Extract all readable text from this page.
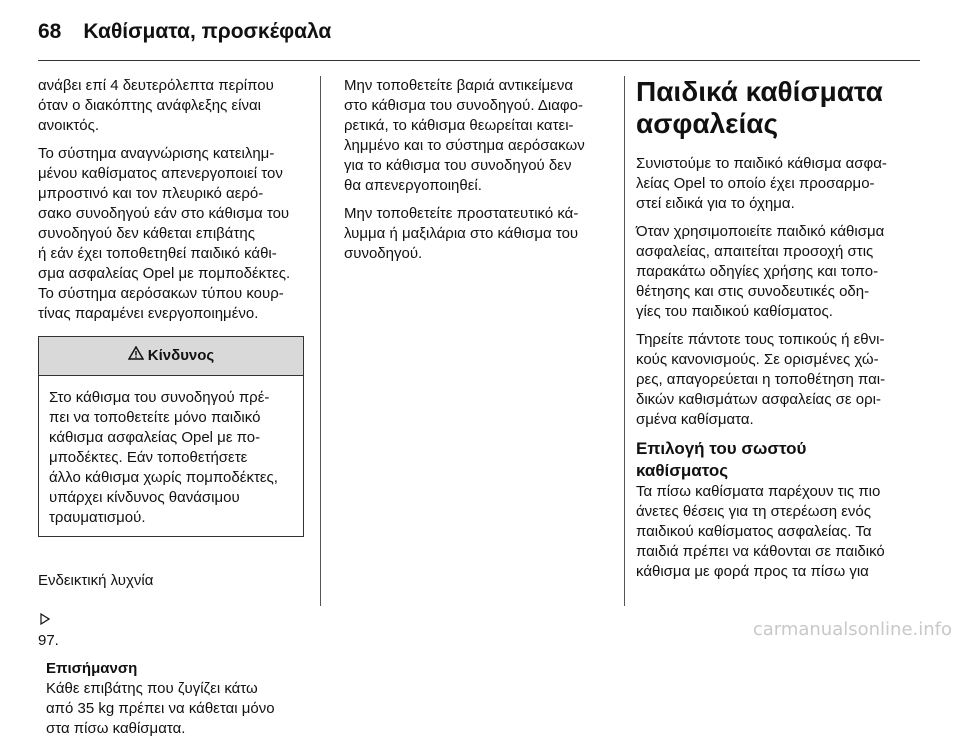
68 Καθίσματα, προσκέφαλα

ανάβει επί 4 δευτερόλεπτα περίπου
όταν ο διακόπτης ανάφλεξης είναι
ανοικτός.

Το σύστημα αναγνώρισης κατειλημ-
μένου καθίσματος απενεργοποιεί τον
μπροστινό και τον πλευρικό αερό-
σακο συνοδηγού εάν στο κάθισμα του
συνοδηγού δεν κάθεται επιβάτης
ή εάν έχει τοποθετηθεί παιδικό κάθι-
σμα ασφαλείας Opel με πομποδέκτες.
Το σύστημα αερόσακων τύπου κουρ-
τίνας παραμένει ενεργοποιημένο.

Κίνδυνος
Στο κάθισμα του συνοδηγού πρέ-
πει να τοποθετείτε μόνο παιδικό
κάθισμα ασφαλείας Opel με πο-
μποδέκτες. Εάν τοποθετήσετε
άλλο κάθισμα χωρίς πομποδέκτες,
υπάρχει κίνδυνος θανάσιμου
τραυματισμού.

Ενδεικτική λυχνία

97.

Επισήμανση
Κάθε επιβάτης που ζυγίζει κάτω
από 35 kg πρέπει να κάθεται μόνο
στα πίσω καθίσματα.

Μην τοποθετείτε βαριά αντικείμενα
στο κάθισμα του συνοδηγού. Διαφο-
ρετικά, το κάθισμα θεωρείται κατει-
λημμένο και το σύστημα αερόσακων
για το κάθισμα του συνοδηγού δεν
θα απενεργοποιηθεί.

Μην τοποθετείτε προστατευτικό κά-
λυμμα ή μαξιλάρια στο κάθισμα του
συνοδηγού.

Παιδικά καθίσματα
ασφαλείας

Συνιστούμε το παιδικό κάθισμα ασφα-
λείας Opel το οποίο έχει προσαρμο-
στεί ειδικά για το όχημα.

Όταν χρησιμοποιείτε παιδικό κάθισμα
ασφαλείας, απαιτείται προσοχή στις
παρακάτω οδηγίες χρήσης και τοπο-
θέτησης και στις συνοδευτικές οδη-
γίες του παιδικού καθίσματος.

Τηρείτε πάντοτε τους τοπικούς ή εθνι-
κούς κανονισμούς. Σε ορισμένες χώ-
ρες, απαγορεύεται η τοποθέτηση παι-
δικών καθισμάτων ασφαλείας σε ορι-
σμένα καθίσματα.

Επιλογή του σωστού
καθίσματος

Τα πίσω καθίσματα παρέχουν τις πιο
άνετες θέσεις για τη στερέωση ενός
παιδικού καθίσματος ασφαλείας. Τα
παιδιά πρέπει να κάθονται σε παιδικό
κάθισμα με φορά προς τα πίσω για

carmanualsonline.info
